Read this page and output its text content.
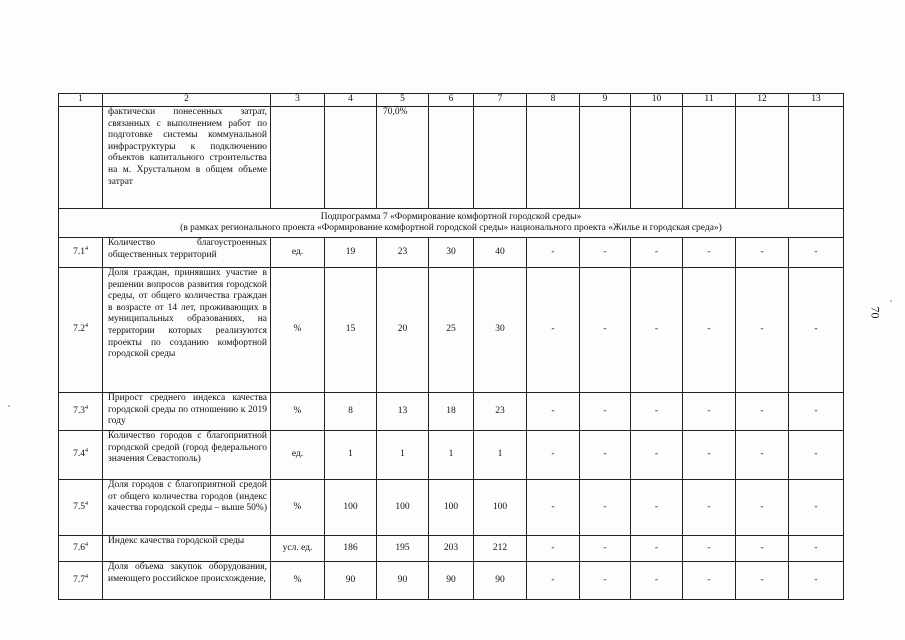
1	2	3	4	5	6	7	8	9	10	11	12	13
	фактически понесенных затрат, связанных с выполнением работ по подготовке системы коммунальной инфраструктуры к подключению объектов капитального строительства на м. Хрустальном в общем объеме затрат			70,0%								

Подпрограмма 7 «Формирование комфортной городской среды»
(в рамках регионального проекта «Формирование комфортной городской среды» национального проекта «Жилье и городская среда»)												

$7.1^4$	Количество благоустроенных общественных территорий	ед.	19	23	30	40	-	-	-	-	-	-
$7.2^4$	Доля граждан, принявших участие в решении вопросов развития городской среды, от общего количества граждан в возрасте от 14 лет, проживающих в муниципальных образованиях, на территории которых реализуются проекты по созданию комфортной городской среды	%	15	20	25	30	-	-	-	-	-	-
$7.3^4$	Прирост среднего индекса качества городской среды по отношению к 2019 году	%	8	13	18	23	-	-	-	-	-	-
$7.4^4$	Количество городов с благоприятной городской средой (город федерального значения Севастополь)	ед.	1	1	1	1	-	-	-	-	-	-
$7.5^4$	Доля городов с благоприятной средой от общего количества городов (индекс качества городской среды – выше 50%)	%	100	100	100	100	-	-	-	-	-	-
$7.6^4$	Индекс качества городской среды	усл. ед.	186	195	203	212	-	-	-	-	-	-
$7.7^4$	Доля объема закупок оборудования, имеющего российское происхождение,	%	90	90	90	90	-	-	-	-	-	-
70
